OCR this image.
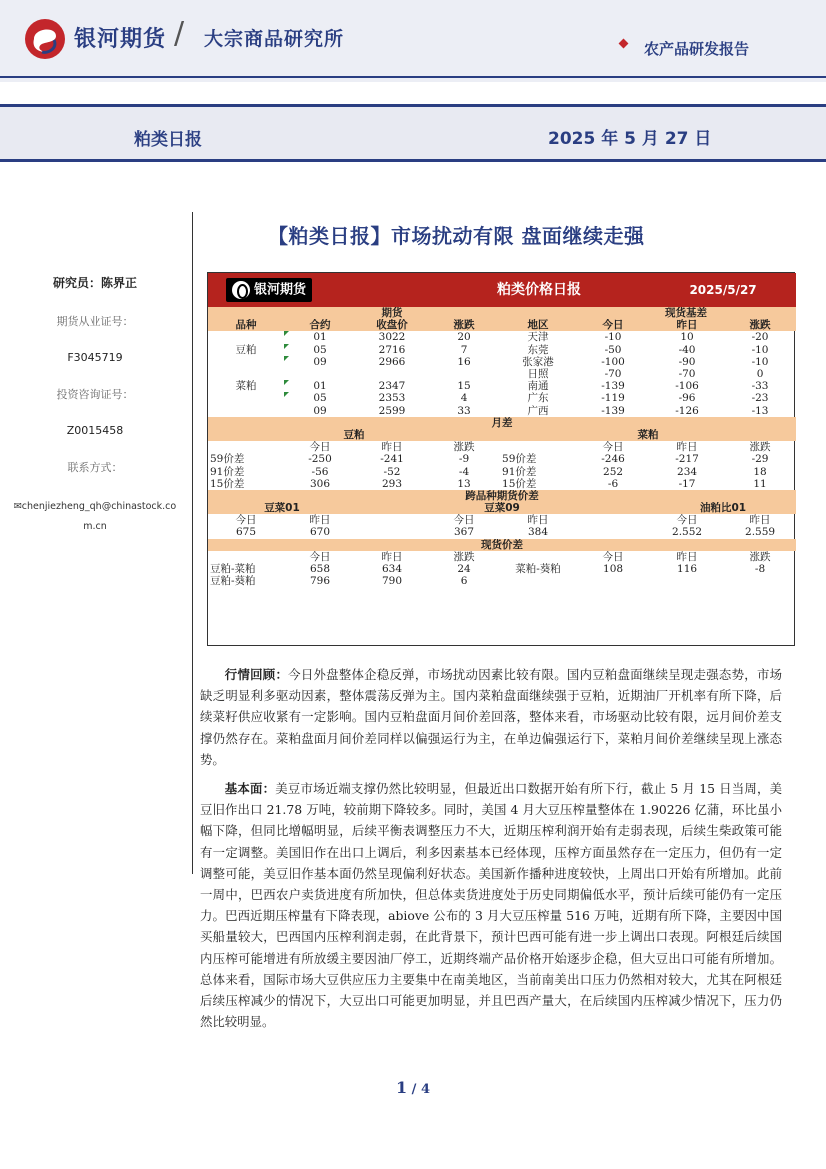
银河期货 / 大宗商品研究所	农产品研发报告
粕类日报	2025 年 5 月 27 日
研究员：陈界正
期货从业证号：
F3045719
投资咨询证号：
Z0015458
联系方式：
✉chenjiezheng_qh@chinastock.com.cn
【粕类日报】市场扰动有限 盘面继续走强
银河期货			粕类价格日报			2025/5/27	
	期货				现货基差		
品种	合约	收盘价	涨跌	地区	今日	昨日	涨跌
	01	3022	20	天津	-10	10	-20
豆粕	05	2716	7	东莞	-50	-40	-10
	09	2966	16	张家港	-100	-90	-10
				日照	-70	-70	0
菜粕	01	2347	15	南通	-139	-106	-33
	05	2353	4	广东	-119	-96	-23
	09	2599	33	广西	-139	-126	-13
月差							
豆粕				菜粕			
	今日	昨日	涨跌		今日	昨日	涨跌
59价差	-250	-241	-9	59价差	-246	-217	-29
91价差	-56	-52	-4	91价差	252	234	18
15价差	306	293	13	15价差	-6	-17	11
跨品种期货价差							
豆菜01			豆菜09			油粕比01	
今日	昨日		今日	昨日		今日	昨日
675	670		367	384		2.552	2.559
现货价差							
	今日	昨日	涨跌		今日	昨日	涨跌
豆粕-菜粕	658	634	24	菜粕-葵粕	108	116	-8
豆粕-葵粕	796	790	6				

行情回顾：今日外盘整体企稳反弹，市场扰动因素比较有限。国内豆粕盘面继续呈现走强态势，市场缺乏明显利多驱动因素，整体震荡反弹为主。国内菜粕盘面继续强于豆粕，近期油厂开机率有所下降，后续菜籽供应收紧有一定影响。国内豆粕盘面月间价差回落，整体来看，市场驱动比较有限，远月间价差支撑仍然存在。菜粕盘面月间价差同样以偏强运行为主，在单边偏强运行下，菜粕月间价差继续呈现上涨态势。

基本面：美豆市场近端支撑仍然比较明显，但最近出口数据开始有所下行，截止 5 月 15 日当周，美豆旧作出口 21.78 万吨，较前期下降较多。同时，美国 4 月大豆压榨量整体在 1.90226 亿蒲，环比虽小幅下降，但同比增幅明显，后续平衡表调整压力不大，近期压榨利润开始有走弱表现，后续生柴政策可能有一定调整。美国旧作在出口上调后，利多因素基本已经体现，压榨方面虽然存在一定压力，但仍有一定调整可能，美豆旧作基本面仍然呈现偏利好状态。美国新作播种进度较快，上周出口开始有所增加。此前一周中，巴西农户卖货进度有所加快，但总体卖货进度处于历史同期偏低水平，预计后续可能仍有一定压力。巴西近期压榨量有下降表现，abiove 公布的 3 月大豆压榨量 516 万吨，近期有所下降，主要因中国买船量较大，巴西国内压榨利润走弱，在此背景下，预计巴西可能有进一步上调出口表现。阿根廷后续国内压榨可能增进有所放缓主要因油厂停工，近期终端产品价格开始逐步企稳，但大豆出口可能有所增加。总体来看，国际市场大豆供应压力主要集中在南美地区，当前南美出口压力仍然相对较大，尤其在阿根廷后续压榨减少的情况下，大豆出口可能更加明显，并且巴西产量大，在后续国内压榨减少情况下，压力仍然比较明显。

1 / 4
